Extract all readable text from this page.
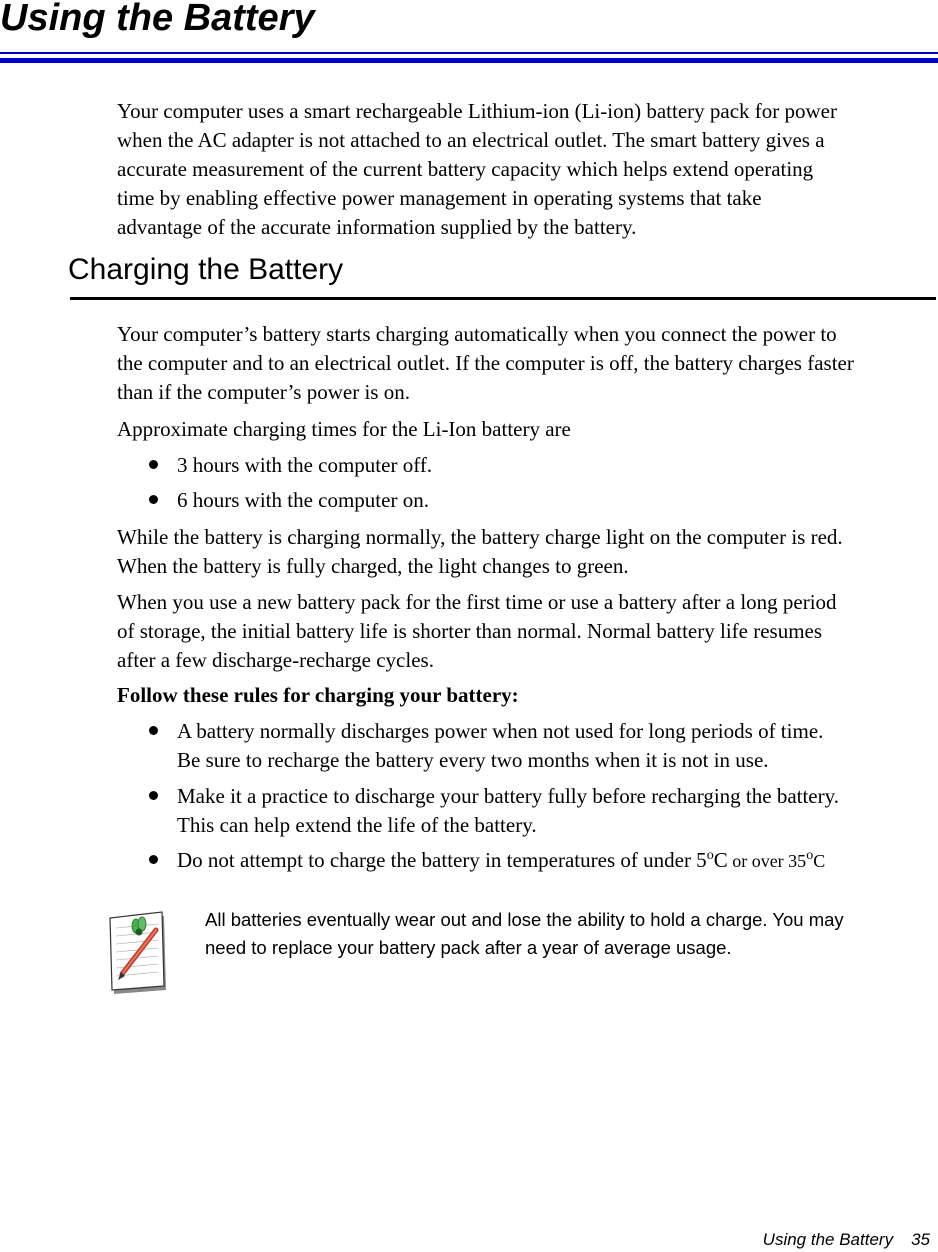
Using the Battery

Your computer uses a smart rechargeable Lithium-ion (Li-ion) battery pack for power
when the AC adapter is not attached to an electrical outlet. The smart battery gives a
accurate measurement of the current battery capacity which helps extend operating
time by enabling effective power management in operating systems that take
advantage of the accurate information supplied by the battery.

Charging the Battery

Your computer’s battery starts charging automatically when you connect the power to
the computer and to an electrical outlet. If the computer is off, the battery charges faster
than if the computer’s power is on.

Approximate charging times for the Li-Ion battery are

3 hours with the computer off.
6 hours with the computer on.

While the battery is charging normally, the battery charge light on the computer is red.
When the battery is fully charged, the light changes to green.

When you use a new battery pack for the first time or use a battery after a long period
of storage, the initial battery life is shorter than normal. Normal battery life resumes
after a few discharge-recharge cycles.

Follow these rules for charging your battery:

A battery normally discharges power when not used for long periods of time.
Be sure to recharge the battery every two months when it is not in use.
Make it a practice to discharge your battery fully before recharging the battery.
This can help extend the life of the battery.
Do not attempt to charge the battery in temperatures of under 5$^o$C or over 35$^o$C

All batteries eventually wear out and lose the ability to hold a charge. You may
need to replace your battery pack after a year of average usage.

Using the Battery 35
